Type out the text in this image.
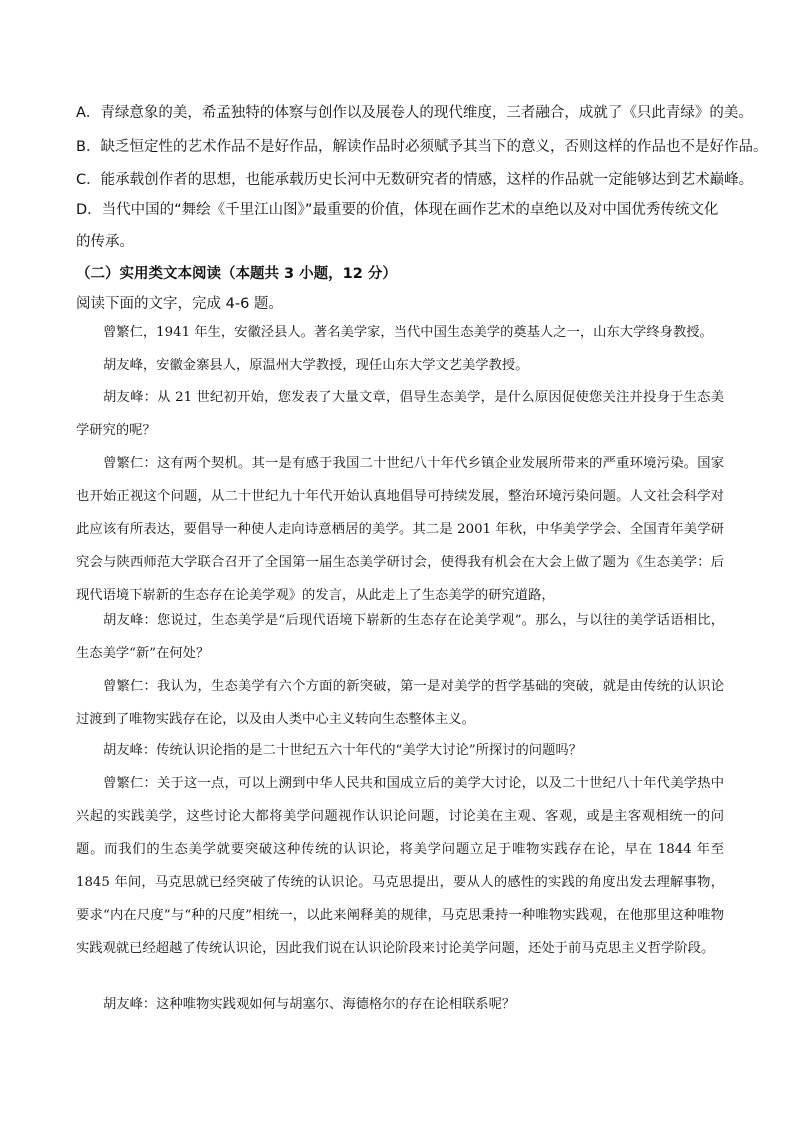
A．青绿意象的美，希孟独特的体察与创作以及展卷人的现代维度，三者融合，成就了《只此青绿》的美。
B．缺乏恒定性的艺术作品不是好作品，解读作品时必须赋予其当下的意义，否则这样的作品也不是好作品。
C．能承载创作者的思想，也能承载历史长河中无数研究者的情感，这样的作品就一定能够达到艺术巅峰。
D．当代中国的“舞绘《千里江山图》”最重要的价值，体现在画作艺术的卓绝以及对中国优秀传统文化的传承。
（二）实用类文本阅读（本题共 3 小题，12 分）
阅读下面的文字，完成 4-6 题。
曾繁仁，1941 年生，安徽泾县人。著名美学家，当代中国生态美学的奠基人之一，山东大学终身教授。
胡友峰，安徽金寨县人，原温州大学教授，现任山东大学文艺美学教授。
胡友峰：从 21 世纪初开始，您发表了大量文章，倡导生态美学，是什么原因促使您关注并投身于生态美学研究的呢？
曾繁仁：这有两个契机。其一是有感于我国二十世纪八十年代乡镇企业发展所带来的严重环境污染。国家也开始正视这个问题，从二十世纪九十年代开始认真地倡导可持续发展，整治环境污染问题。人文社会科学对此应该有所表达，要倡导一种使人走向诗意栖居的美学。其二是 2001 年秋，中华美学学会、全国青年美学研究会与陕西师范大学联合召开了全国第一届生态美学研讨会，使得我有机会在大会上做了题为《生态美学：后现代语境下崭新的生态存在论美学观》的发言，从此走上了生态美学的研究道路，
胡友峰：您说过，生态美学是“后现代语境下崭新的生态存在论美学观”。那么，与以往的美学话语相比，生态美学“新”在何处？
曾繁仁：我认为，生态美学有六个方面的新突破，第一是对美学的哲学基础的突破，就是由传统的认识论过渡到了唯物实践存在论，以及由人类中心主义转向生态整体主义。
胡友峰：传统认识论指的是二十世纪五六十年代的“美学大讨论”所探讨的问题吗？
曾繁仁：关于这一点，可以上溯到中华人民共和国成立后的美学大讨论，以及二十世纪八十年代美学热中兴起的实践美学，这些讨论大都将美学问题视作认识论问题，讨论美在主观、客观，或是主客观相统一的问题。而我们的生态美学就要突破这种传统的认识论，将美学问题立足于唯物实践存在论，早在 1844 年至 1845 年间，马克思就已经突破了传统的认识论。马克思提出，要从人的感性的实践的角度出发去理解事物，要求“内在尺度”与“种的尺度”相统一，以此来阐释美的规律，马克思秉持一种唯物实践观，在他那里这种唯物实践观就已经超越了传统认识论，因此我们说在认识论阶段来讨论美学问题，还处于前马克思主义哲学阶段。
胡友峰：这种唯物实践观如何与胡塞尔、海德格尔的存在论相联系呢？
